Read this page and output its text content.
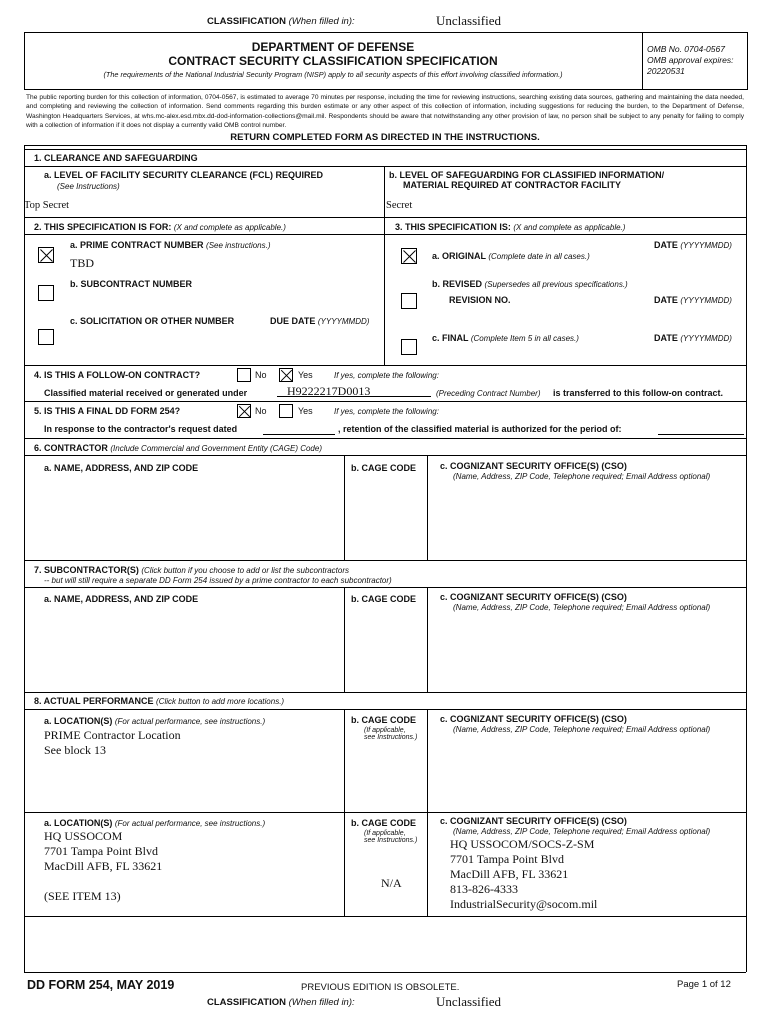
CLASSIFICATION (When filled in):	Unclassified
DEPARTMENT OF DEFENSE
CONTRACT SECURITY CLASSIFICATION SPECIFICATION
(The requirements of the National Industrial Security Program (NISP) apply to all security aspects of this effort involving classified information.)
OMB No. 0704-0567
OMB approval expires:
20220531
The public reporting burden for this collection of information, 0704-0567, is estimated to average 70 minutes per response, including the time for reviewing instructions, searching existing data sources, gathering and maintaining the data needed, and completing and reviewing the collection of information. Send comments regarding this burden estimate or any other aspect of this collection of information, including suggestions for reducing the burden, to the Department of Defense, Washington Headquarters Services, at whs.mc-alex.esd.mbx.dd-dod-information-collections@mail.mil. Respondents should be aware that notwithstanding any other provision of law, no person shall be subject to any penalty for failing to comply with a collection of information if it does not display a currently valid OMB control number.
RETURN COMPLETED FORM AS DIRECTED IN THE INSTRUCTIONS.
1. CLEARANCE AND SAFEGUARDING
a. LEVEL OF FACILITY SECURITY CLEARANCE (FCL) REQUIRED
(See Instructions)
Top Secret
b. LEVEL OF SAFEGUARDING FOR CLASSIFIED INFORMATION/
MATERIAL REQUIRED AT CONTRACTOR FACILITY
Secret
2. THIS SPECIFICATION IS FOR: (X and complete as applicable.)	3. THIS SPECIFICATION IS: (X and complete as applicable.)
a. PRIME CONTRACT NUMBER (See instructions.)
TBD
b. SUBCONTRACT NUMBER
c. SOLICITATION OR OTHER NUMBER	DUE DATE (YYYYMMDD)
DATE (YYYYMMDD)
a. ORIGINAL (Complete date in all cases.)
b. REVISED (Supersedes all previous specifications.)
REVISION NO.	DATE (YYYYMMDD)
c. FINAL (Complete Item 5 in all cases.)	DATE (YYYYMMDD)
4. IS THIS A FOLLOW-ON CONTRACT?	No	Yes	If yes, complete the following:
Classified material received or generated under	H9222217D0013	(Preceding Contract Number) is transferred to this follow-on contract.
5. IS THIS A FINAL DD FORM 254?	No	Yes	If yes, complete the following:
In response to the contractor's request dated	, retention of the classified material is authorized for the period of:
6. CONTRACTOR (Include Commercial and Government Entity (CAGE) Code)
a. NAME, ADDRESS, AND ZIP CODE	b. CAGE CODE	c. COGNIZANT SECURITY OFFICE(S) (CSO)
(Name, Address, ZIP Code, Telephone required; Email Address optional)
7. SUBCONTRACTOR(S) (Click button if you choose to add or list the subcontractors
-- but will still require a separate DD Form 254 issued by a prime contractor to each subcontractor)
a. NAME, ADDRESS, AND ZIP CODE	b. CAGE CODE	c. COGNIZANT SECURITY OFFICE(S) (CSO)
(Name, Address, ZIP Code, Telephone required; Email Address optional)
8. ACTUAL PERFORMANCE (Click button to add more locations.)
a. LOCATION(S) (For actual performance, see instructions.)
PRIME Contractor Location
See block 13
b. CAGE CODE
(If applicable,
see Instructions.)
c. COGNIZANT SECURITY OFFICE(S) (CSO)
(Name, Address, ZIP Code, Telephone required; Email Address optional)
a. LOCATION(S) (For actual performance, see instructions.)
HQ USSOCOM
7701 Tampa Point Blvd
MacDill AFB, FL 33621
(SEE ITEM 13)
b. CAGE CODE
(If applicable,
see Instructions.)
N/A
c. COGNIZANT SECURITY OFFICE(S) (CSO)
(Name, Address, ZIP Code, Telephone required; Email Address optional)
HQ USSOCOM/SOCS-Z-SM
7701 Tampa Point Blvd
MacDill AFB, FL 33621
813-826-4333
IndustrialSecurity@socom.mil
DD FORM 254, MAY 2019	PREVIOUS EDITION IS OBSOLETE.	Page 1 of 12
CLASSIFICATION (When filled in):	Unclassified
